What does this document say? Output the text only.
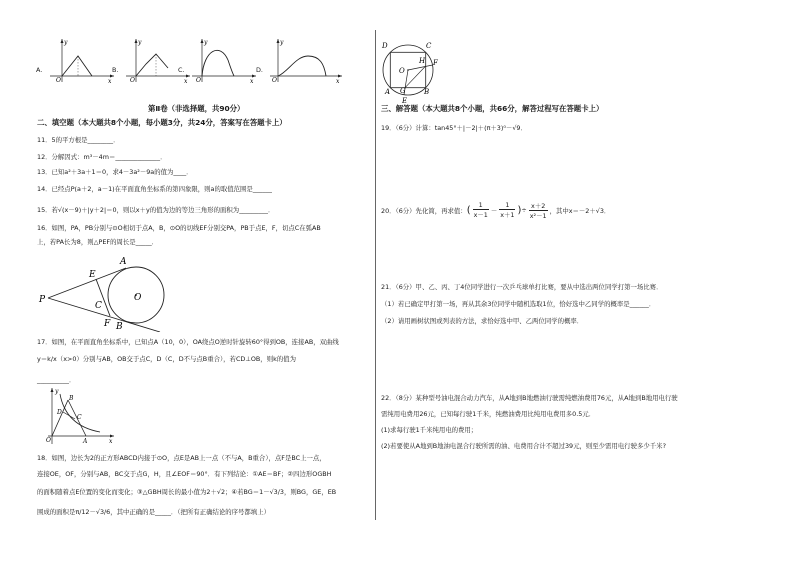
A.
y
O	x
B.
y
O	x
C.
y
O	x
D.
y
O	x
第Ⅱ卷（非选择题，共90分）
二、填空题（本大题共8个小题，每小题3分，共24分，答案写在答题卡上）
11．5的平方根是________．
12．分解因式：m³－4m＝______________．
13．已知a²＋3a＋1＝0，求4－3a²－9a的值为____．
14．已经点P(a＋2，a－1)在平面直角坐标系的第四象限，则a的取值范围是______
15．若√(x－9)＋|y＋2|＝0，则以x＋y的值为边的等边三角形的面积为_________．
16．如图，PA，PB分别与⊙O相切于点A，B，⊙O的切线EF分别交PA，PB于点E，F，切点C在弧AB
上，若PA长为8，则△PEF的周长是_____．
P
E
A
C
O
F B
17．如图，在平面直角坐标系中，已知点A（10，0），OA绕点O逆时针旋转60°得到OB，连接AB，双曲线
y＝k/x（x>0）分别与AB，OB交于点C，D（C，D不与点B重合），若CD⊥OB，则k的值为
__________．
y
B
D
C
O	A	x
18．如图，边长为2的正方形ABCD内接于⊙O，点E是AB上一点（不与A，B重合），点F是BC上一点，
连接OE，OF，分别与AB，BC交于点G，H，且∠EOF＝90°．有下列结论：①AE＝BF；②四边形OGBH
的面积随着点E位置的变化而变化；③△GBH周长的最小值为2＋√2；④若BG＝1－√3/3，则BG，GE，EB
围成的面积是π/12－√3/6，其中正确的是_____．（把所有正确结论的序号都填上）
D	C
O
H F
A G	B
E
三、解答题（本大题共8个小题，共66分，解答过程写在答题卡上）
19．（6分）计算：tan45°＋|－2|＋(π＋3)⁰－√9．
20．（6分）先化简，再求值： ( 1
x－1
－
1
x＋1 ) ÷ $\frac{x+2}{\text{x²－1}}$ ，其中x＝－2＋√3．
21．（6分）甲、乙、丙、丁4位同学进行一次乒乓球单打比赛，要从中选出两位同学打第一场比赛．
（1）若已确定甲打第一场，再从其余3位同学中随机选取1位，恰好选中乙同学的概率是______．
（2）请用画树状图或列表的方法，求恰好选中甲、乙两位同学的概率．
22．（8分）某种型号油电混合动力汽车，从A地到B地燃油行驶需纯燃油费用76元，从A地到B地用电行驶
需纯用电费用26元，已知每行驶1千米，纯燃油费用比纯用电费用多0.5元．
(1)求每行驶1千米纯用电的费用；
(2)若要使从A地到B地油电混合行驶所需的油、电费用合计不超过39元，则至少需用电行驶多少千米?
